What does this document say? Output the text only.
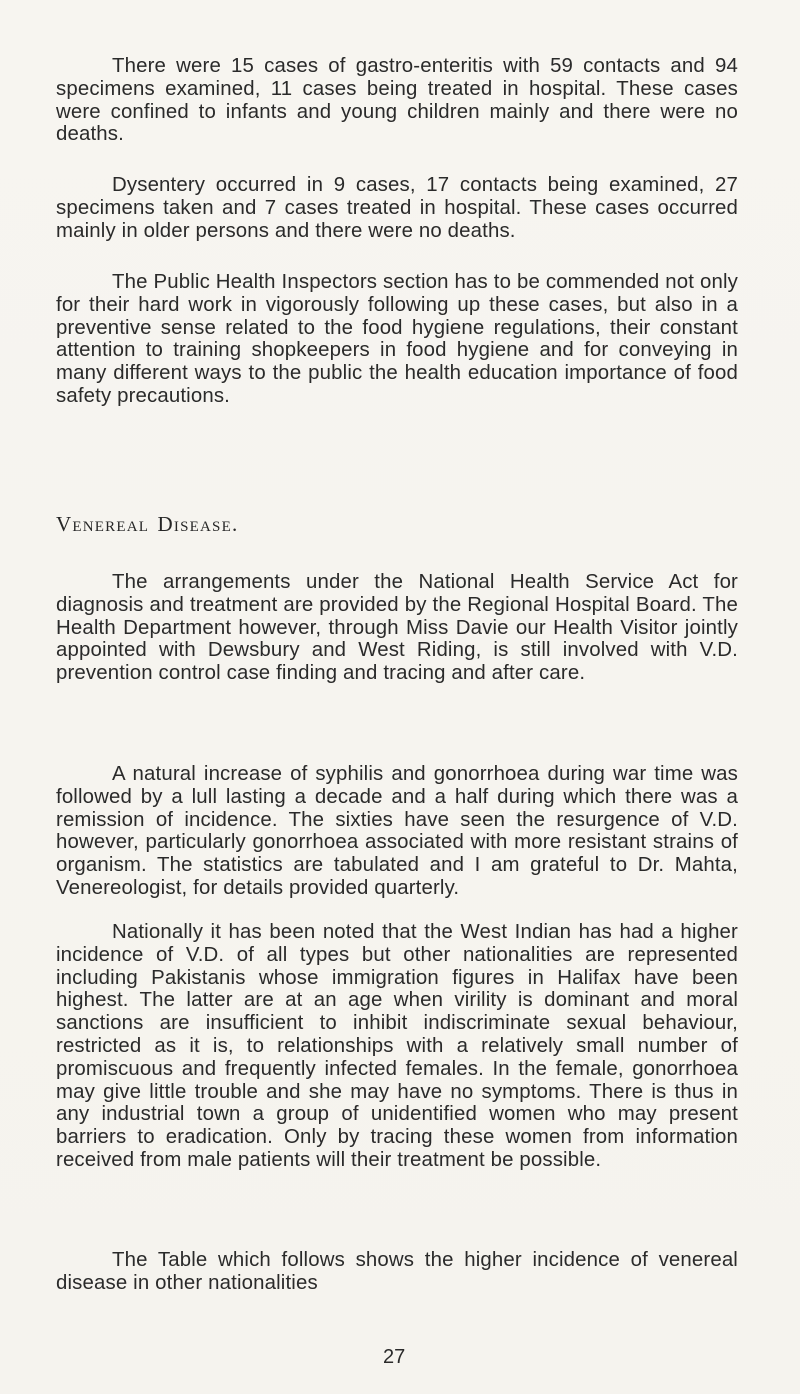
There were 15 cases of gastro-enteritis with 59 contacts and 94 specimens examined, 11 cases being treated in hospital. These cases were confined to infants and young children mainly and there were no deaths.

Dysentery occurred in 9 cases, 17 contacts being examined, 27 specimens taken and 7 cases treated in hospital. These cases occurred mainly in older persons and there were no deaths.

The Public Health Inspectors section has to be commended not only for their hard work in vigorously following up these cases, but also in a preventive sense related to the food hygiene regulations, their constant attention to training shopkeepers in food hygiene and for conveying in many different ways to the public the health education importance of food safety precautions.

Venereal Disease.

The arrangements under the National Health Service Act for diagnosis and treatment are provided by the Regional Hospital Board. The Health Department however, through Miss Davie our Health Visitor jointly appointed with Dewsbury and West Riding, is still involved with V.D. prevention control case finding and tracing and after care.

A natural increase of syphilis and gonorrhoea during war time was followed by a lull lasting a decade and a half during which there was a remission of incidence. The sixties have seen the resurgence of V.D. however, particularly gonorrhoea associated with more resistant strains of organism. The statistics are tabulated and I am grateful to Dr. Mahta, Venereologist, for details provided quarterly.

Nationally it has been noted that the West Indian has had a higher incidence of V.D. of all types but other nationalities are represented including Pakistanis whose immigration figures in Halifax have been highest. The latter are at an age when virility is dominant and moral sanctions are insufficient to inhibit indiscriminate sexual behaviour, restricted as it is, to relationships with a relatively small number of promiscuous and frequently infected females. In the female, gonorrhoea may give little trouble and she may have no symptoms. There is thus in any industrial town a group of unidentified women who may present barriers to eradication. Only by tracing these women from information received from male patients will their treatment be possible.

The Table which follows shows the higher incidence of venereal disease in other nationalities

27
